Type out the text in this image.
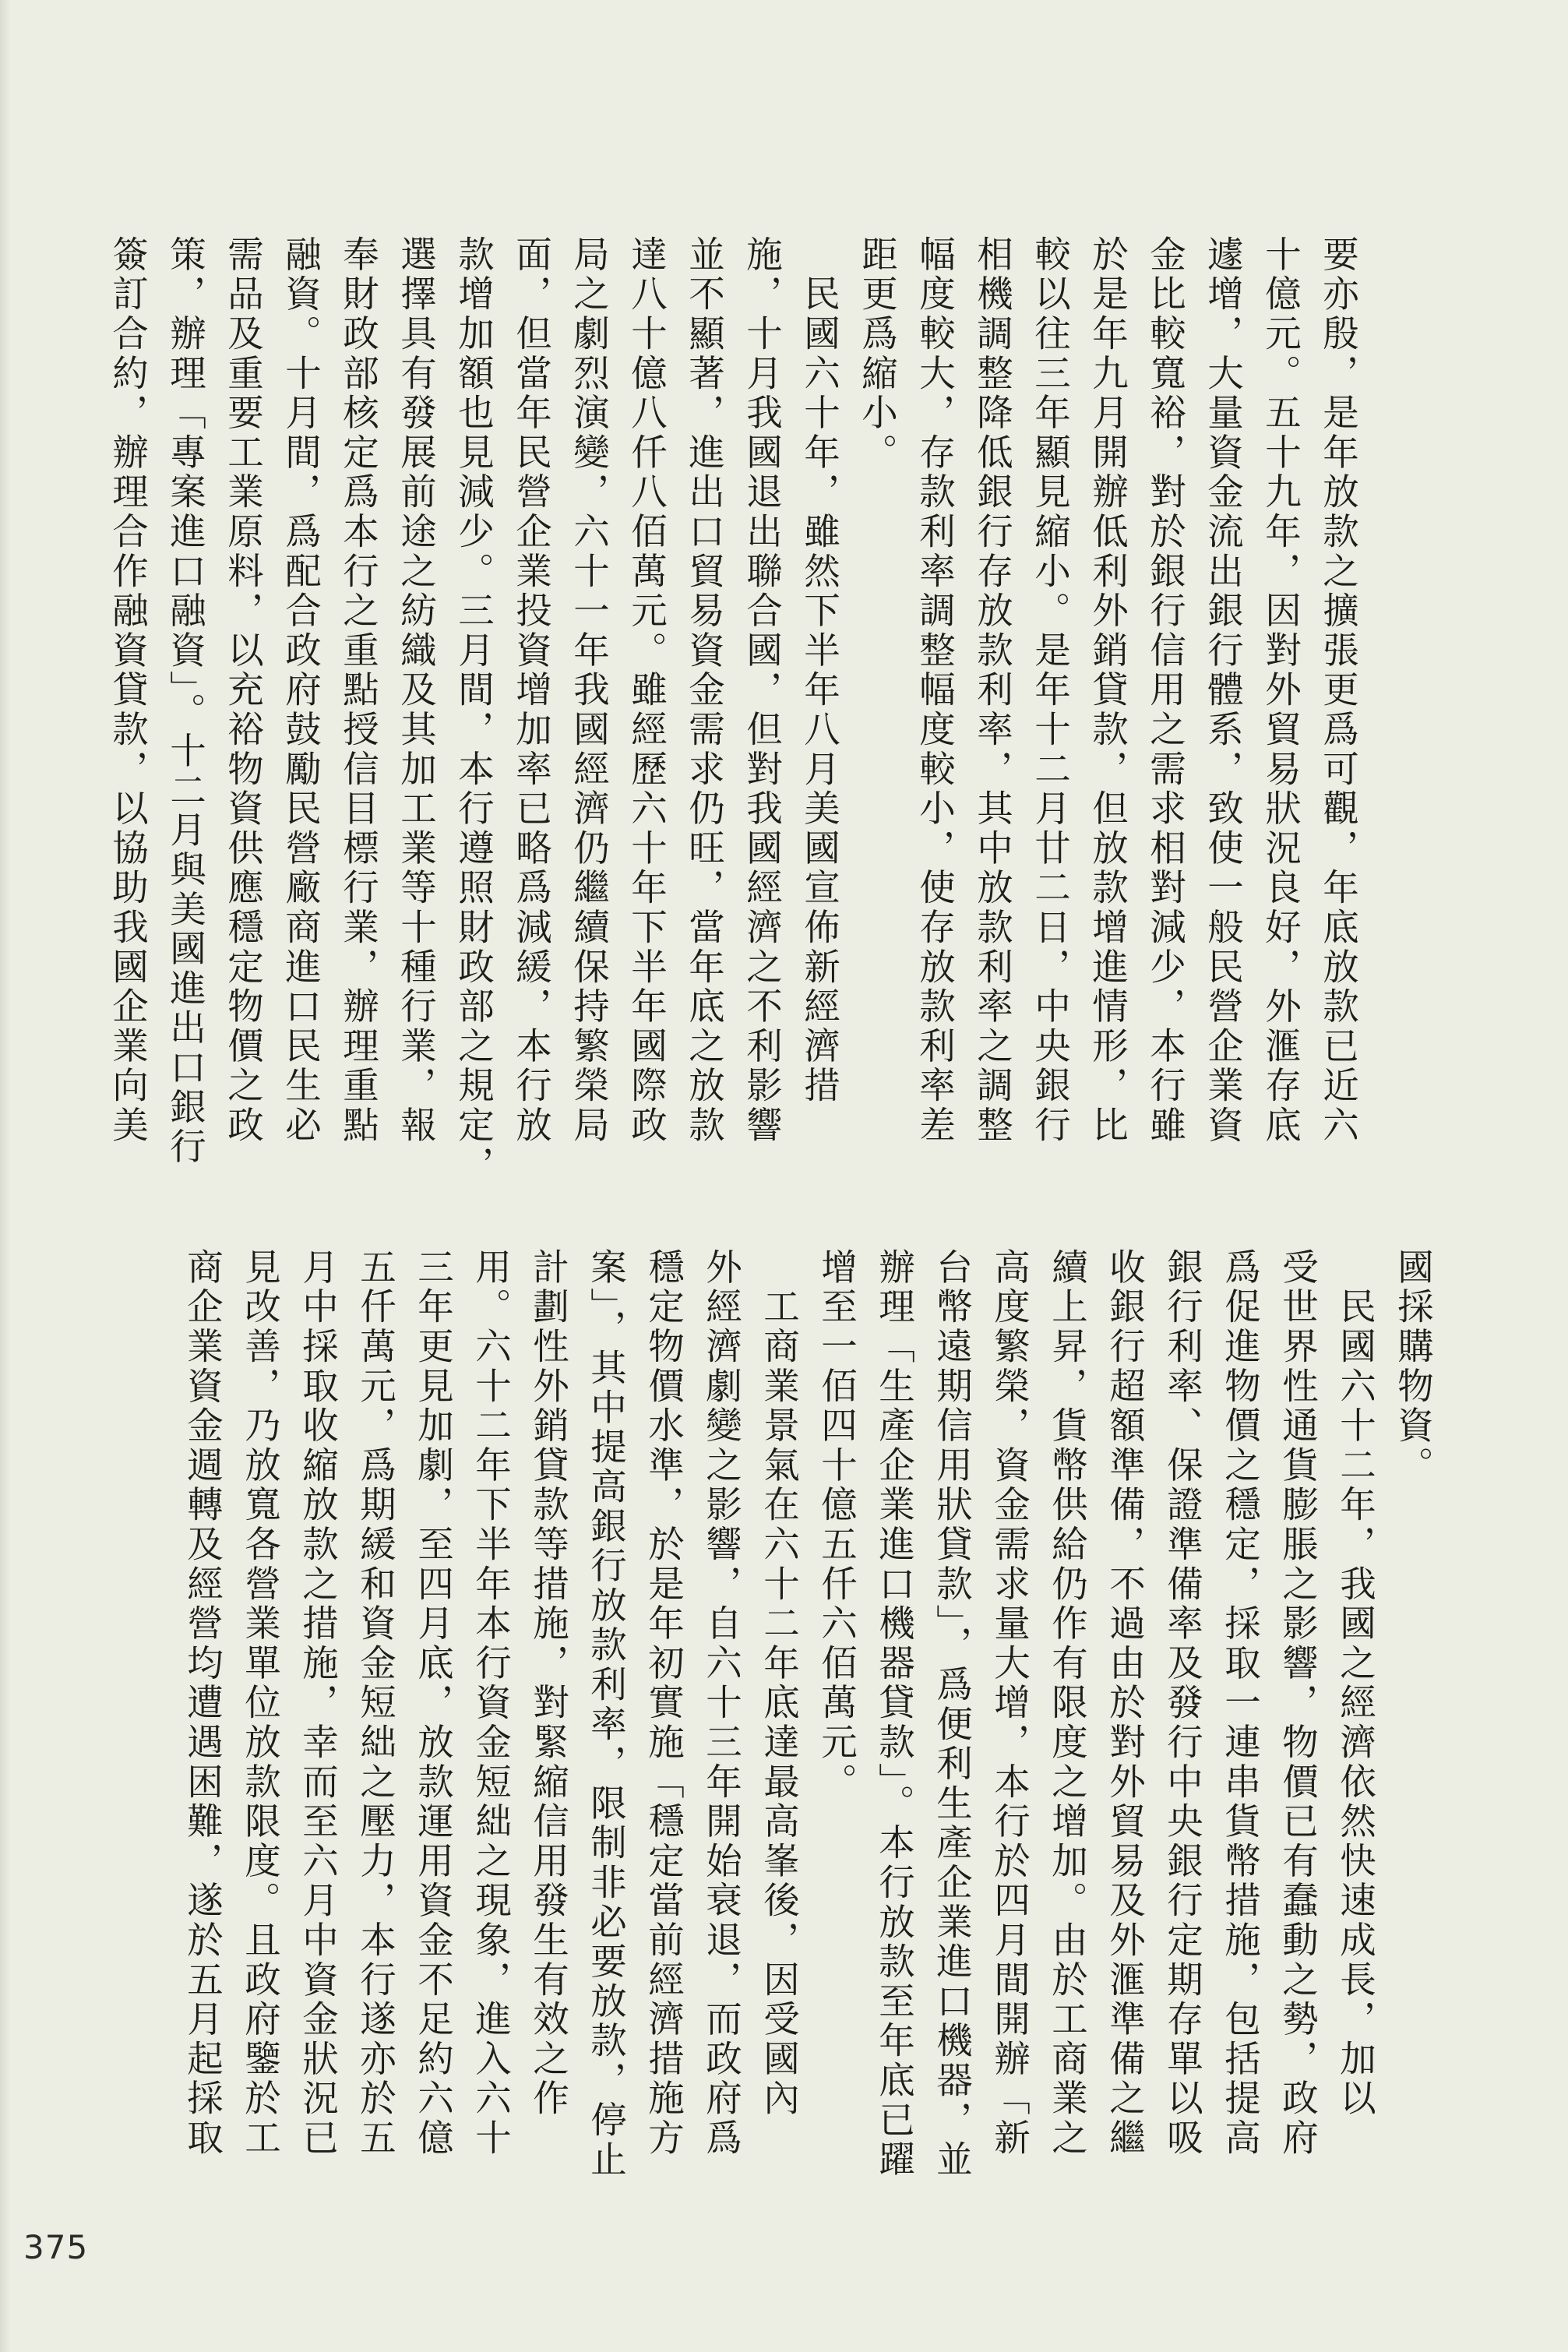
要亦殷，是年放款之擴張更爲可觀，年底放款已近六
十億元。五十九年，因對外貿易狀況良好，外滙存底
遽增，大量資金流出銀行體系，致使一般民營企業資
金比較寬裕，對於銀行信用之需求相對減少，本行雖
於是年九月開辦低利外銷貸款，但放款增進情形，比
較以往三年顯見縮小。是年十二月廿二日，中央銀行
相機調整降低銀行存放款利率，其中放款利率之調整
幅度較大，存款利率調整幅度較小，使存放款利率差
距更爲縮小。
　民國六十年，雖然下半年八月美國宣佈新經濟措
施，十月我國退出聯合國，但對我國經濟之不利影響
並不顯著，進出口貿易資金需求仍旺，當年底之放款
達八十億八仟八佰萬元。雖經歷六十年下半年國際政
局之劇烈演變，六十一年我國經濟仍繼續保持繁榮局
面，但當年民營企業投資增加率已略爲減緩，本行放
款增加額也見減少。三月間，本行遵照財政部之規定，
選擇具有發展前途之紡織及其加工業等十種行業，報
奉財政部核定爲本行之重點授信目標行業，辦理重點
融資。十月間，爲配合政府鼓勵民營廠商進口民生必
需品及重要工業原料，以充裕物資供應穩定物價之政
策，辦理「專案進口融資」。十二月與美國進出口銀行
簽訂合約，辦理合作融資貸款，以協助我國企業向美
國採購物資。
　民國六十二年，我國之經濟依然快速成長，加以
受世界性通貨膨脹之影響，物價已有蠢動之勢，政府
爲促進物價之穩定，採取一連串貨幣措施，包括提高
銀行利率、保證準備率及發行中央銀行定期存單以吸
收銀行超額準備，不過由於對外貿易及外滙準備之繼
續上昇，貨幣供給仍作有限度之增加。由於工商業之
高度繁榮，資金需求量大增，本行於四月間開辦「新
台幣遠期信用狀貸款」，爲便利生產企業進口機器，並
辦理「生產企業進口機器貸款」。本行放款至年底已躍
增至一佰四十億五仟六佰萬元。
　工商業景氣在六十二年底達最高峯後，因受國內
外經濟劇變之影響，自六十三年開始衰退，而政府爲
穩定物價水準，於是年初實施「穩定當前經濟措施方
案」，其中提高銀行放款利率，限制非必要放款，停止
計劃性外銷貸款等措施，對緊縮信用發生有效之作
用。六十二年下半年本行資金短絀之現象，進入六十
三年更見加劇，至四月底，放款運用資金不足約六億
五仟萬元，爲期緩和資金短絀之壓力，本行遂亦於五
月中採取收縮放款之措施，幸而至六月中資金狀況已
見改善，乃放寬各營業單位放款限度。且政府鑒於工
商企業資金週轉及經營均遭遇困難，遂於五月起採取
375
